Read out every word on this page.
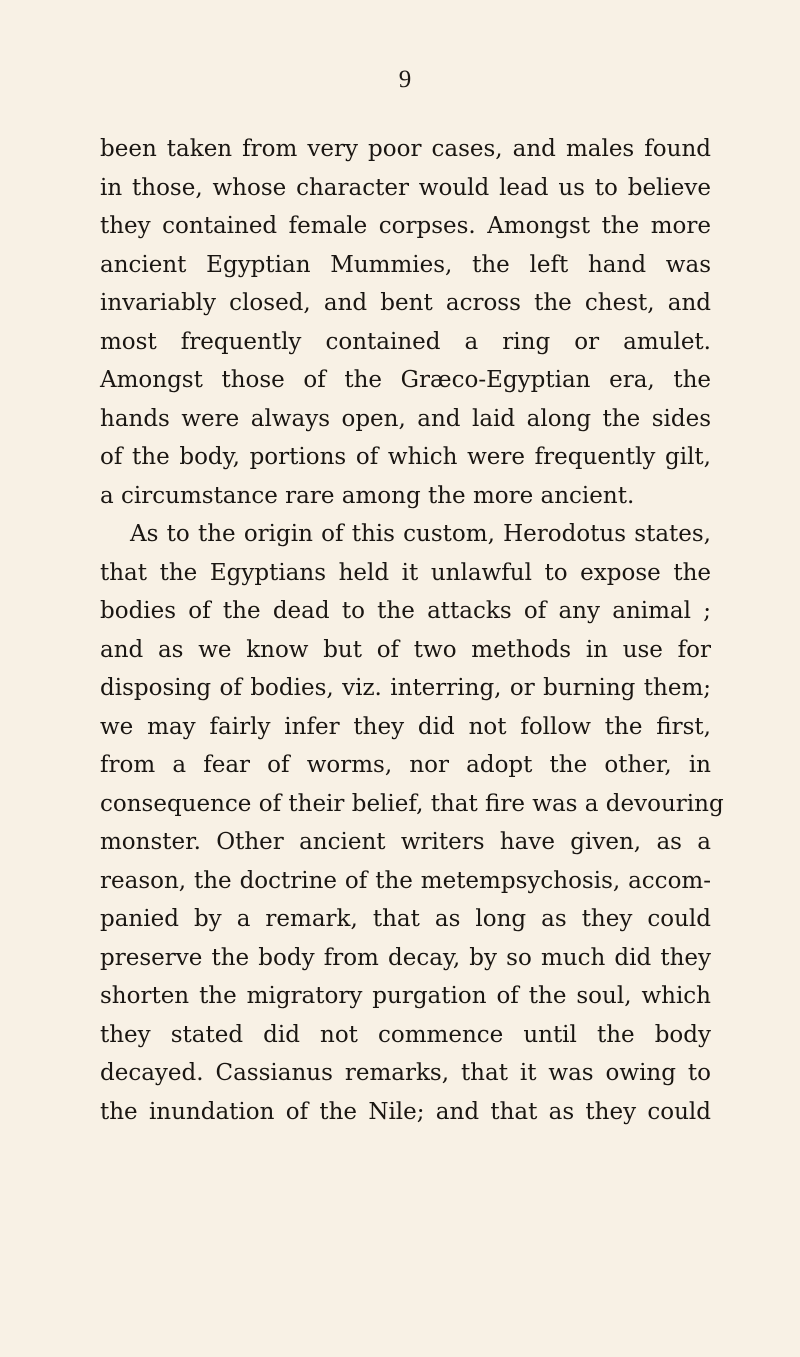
9
been taken from very poor cases, and males found
in those, whose character would lead us to believe
they contained female corpses. Amongst the more
ancient Egyptian Mummies, the left hand was
invariably closed, and bent across the chest, and
most frequently contained a ring or amulet.
Amongst those of the Græco-Egyptian era, the
hands were always open, and laid along the sides
of the body, portions of which were frequently gilt,
a circumstance rare among the more ancient.
As to the origin of this custom, Herodotus states,
that the Egyptians held it unlawful to expose the
bodies of the dead to the attacks of any animal ;
and as we know but of two methods in use for
disposing of bodies, viz. interring, or burning them;
we may fairly infer they did not follow the first,
from a fear of worms, nor adopt the other, in
consequence of their belief, that fire was a devouring
monster. Other ancient writers have given, as a
reason, the doctrine of the metempsychosis, accom-
panied by a remark, that as long as they could
preserve the body from decay, by so much did they
shorten the migratory purgation of the soul, which
they stated did not commence until the body
decayed. Cassianus remarks, that it was owing to
the inundation of the Nile; and that as they could
